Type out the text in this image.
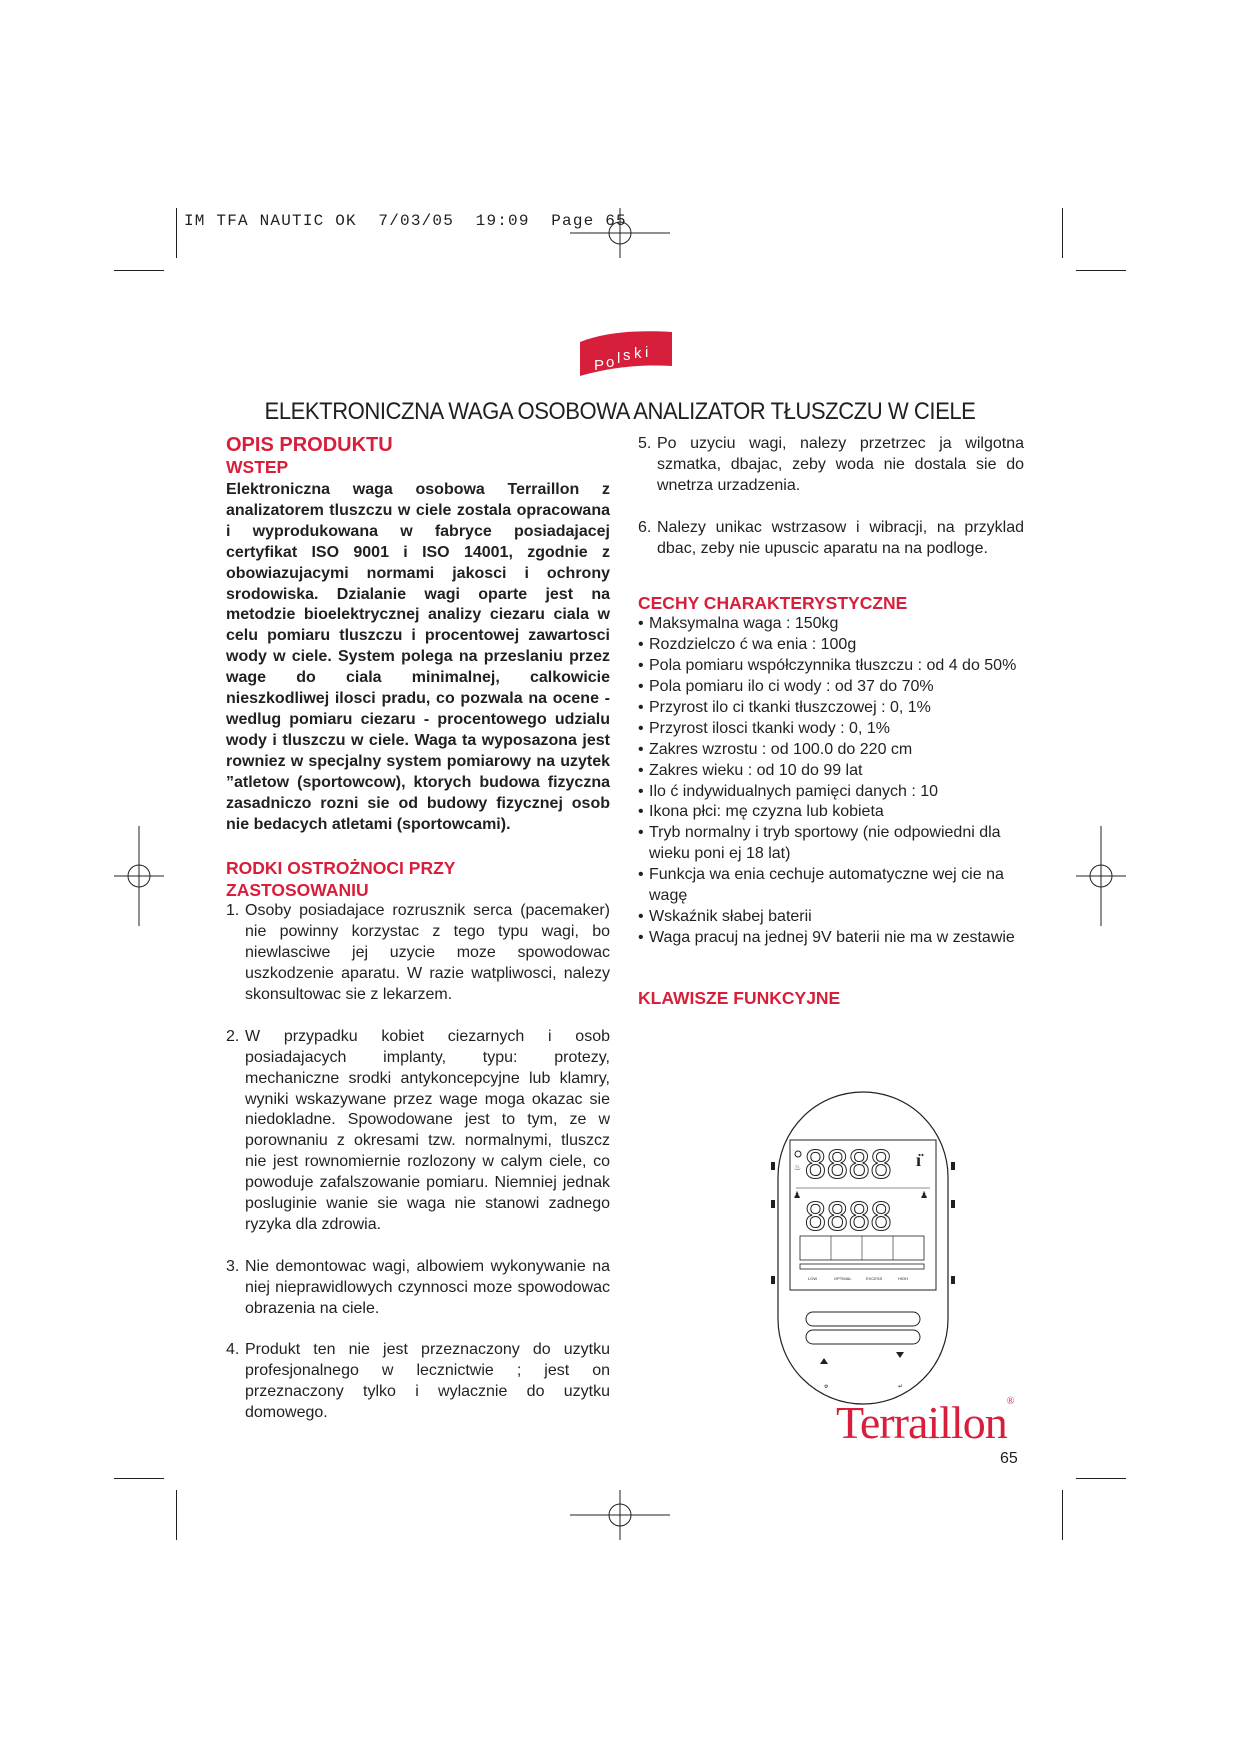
IM TFA NAUTIC OK  7/03/05  19:09  Page 65
P o l s k i
ELEKTRONICZNA WAGA OSOBOWA ANALIZATOR TŁUSZCZU W CIELE
OPIS PRODUKTU
WSTEP

Elektroniczna waga osobowa Terraillon z analizatorem tluszczu w ciele zostala opracowana i wyprodukowana w fabryce posiadajacej certyfikat ISO 9001 i ISO 14001, zgodnie z obowiazujacymi normami jakosci i ochrony srodowiska. Dzialanie wagi oparte jest na metodzie bioelektrycznej analizy ciezaru ciala w celu pomiaru tluszczu i procentowej zawartosci wody w ciele. System polega na przeslaniu przez wage do ciala minimalnej, calkowicie nieszkodliwej ilosci pradu, co pozwala na ocene - wedlug pomiaru ciezaru - procentowego udzialu wody i tluszczu w ciele. Waga ta wyposazona jest rowniez w specjalny system pomiarowy na uzytek ”atletow (sportowcow), ktorych budowa fizyczna zasadniczo rozni sie od budowy fizycznej osob nie bedacych atletami (sportowcami).

RODKI OSTROŻNOCI PRZY
ZASTOSOWANIU
1. Osoby posiadajace rozrusznik serca (pacemaker) nie powinny korzystac z tego typu wagi, bo niewlasciwe jej uzycie moze spowodowac uszkodzenie aparatu. W razie watpliwosci, nalezy skonsultowac sie z lekarzem.
2. W przypadku kobiet ciezarnych i osob posiadajacych implanty, typu: protezy, mechaniczne srodki antykoncepcyjne lub klamry, wyniki wskazywane przez wage moga okazac sie niedokladne. Spowodowane jest to tym, ze w porownaniu z okresami tzw. normalnymi, tluszcz nie jest rownomiernie rozlozony w calym ciele, co powoduje zafalszowanie pomiaru. Niemniej jednak posluginie wanie sie waga nie stanowi zadnego ryzyka dla zdrowia.
3. Nie demontowac wagi, albowiem wykonywanie na niej nieprawidlowych czynnosci moze spowodowac obrazenia na ciele.
4. Produkt ten nie jest przeznaczony do uzytku profesjonalnego w lecznictwie ; jest on przeznaczony tylko i wylacznie do uzytku domowego.
5. Po uzyciu wagi, nalezy przetrzec ja wilgotna szmatka, dbajac, zeby woda nie dostala sie do wnetrza urzadzenia.
6. Nalezy unikac wstrzasow i wibracji, na przyklad dbac, zeby nie upuscic aparatu na na podloge.
CECHY CHARAKTERYSTYCZNE
• Maksymalna waga : 150kg
• Rozdzielczo ć wa enia : 100g
• Pola pomiaru współczynnika tłuszczu : od 4 do 50%
• Pola pomiaru ilo ci wody : od 37 do 70%
• Przyrost ilo ci tkanki tłuszczowej : 0, 1%
• Przyrost ilosci tkanki wody : 0, 1%
• Zakres wzrostu : od 100.0 do 220 cm
• Zakres wieku : od 10 do 99 lat
• Ilo ć indywidualnych pamięci danych : 10
• Ikona płci: mę czyzna lub kobieta
• Tryb normalny i tryb sportowy (nie odpowiedni dla wieku poni ej 18 lat)
• Funkcja wa enia cechuje automatyczne wej cie na wagę
• Wskaźnik słabej baterii
• Waga pracuj na jednej 9V baterii nie ma w zestawie
KLAWISZE FUNKCYJNE
♨
♟
ı̈
♟
8888
8888
LOW	OPTIMAL	EXCESS	HIGH
⚙	↵
Terraillon®
65
